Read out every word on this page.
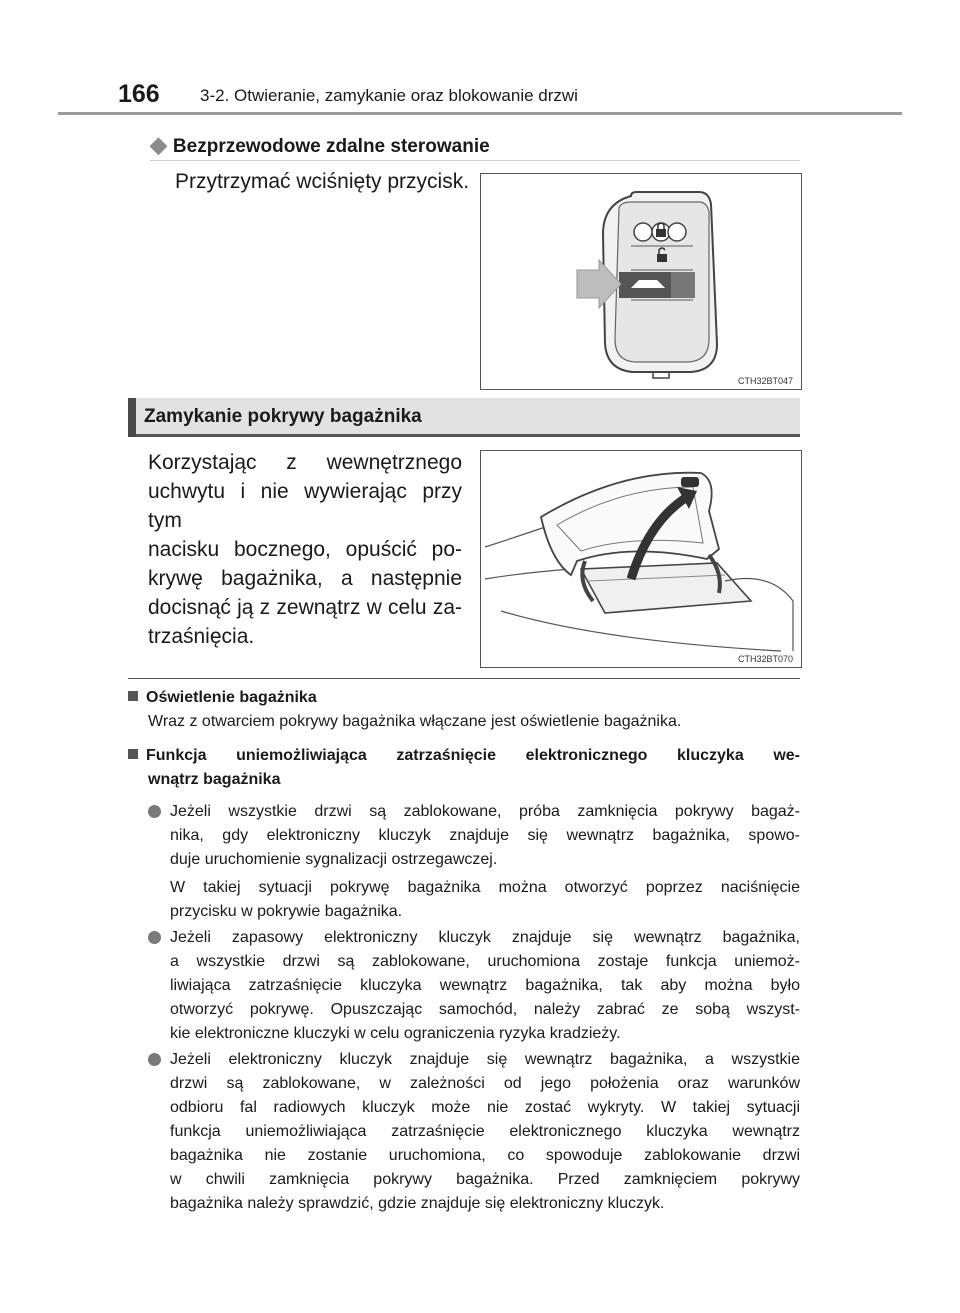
166 3-2. Otwieranie, zamykanie oraz blokowanie drzwi
◆ Bezprzewodowe zdalne sterowanie
Przytrzymać wciśnięty przycisk.
CTH32BT047
Zamykanie pokrywy bagażnika
Korzystając z wewnętrznego
uchwytu i nie wywierając przy tym
nacisku bocznego, opuścić po-
krywę bagażnika, a następnie
docisnąć ją z zewnątrz w celu za-
trzaśnięcia.
CTH32BT070
Oświetlenie bagażnika
Wraz z otwarciem pokrywy bagażnika włączane jest oświetlenie bagażnika.
Funkcja uniemożliwiająca zatrzaśnięcie elektronicznego kluczyka we-
wnątrz bagażnika
Jeżeli wszystkie drzwi są zablokowane, próba zamknięcia pokrywy bagaż-
nika, gdy elektroniczny kluczyk znajduje się wewnątrz bagażnika, spowo-
duje uruchomienie sygnalizacji ostrzegawczej.
W takiej sytuacji pokrywę bagażnika można otworzyć poprzez naciśnięcie
przycisku w pokrywie bagażnika.
Jeżeli zapasowy elektroniczny kluczyk znajduje się wewnątrz bagażnika,
a wszystkie drzwi są zablokowane, uruchomiona zostaje funkcja uniemoż-
liwiająca zatrzaśnięcie kluczyka wewnątrz bagażnika, tak aby można było
otworzyć pokrywę. Opuszczając samochód, należy zabrać ze sobą wszyst-
kie elektroniczne kluczyki w celu ograniczenia ryzyka kradzieży.
Jeżeli elektroniczny kluczyk znajduje się wewnątrz bagażnika, a wszystkie
drzwi są zablokowane, w zależności od jego położenia oraz warunków
odbioru fal radiowych kluczyk może nie zostać wykryty. W takiej sytuacji
funkcja uniemożliwiająca zatrzaśnięcie elektronicznego kluczyka wewnątrz
bagażnika nie zostanie uruchomiona, co spowoduje zablokowanie drzwi
w chwili zamknięcia pokrywy bagażnika. Przed zamknięciem pokrywy
bagażnika należy sprawdzić, gdzie znajduje się elektroniczny kluczyk.
